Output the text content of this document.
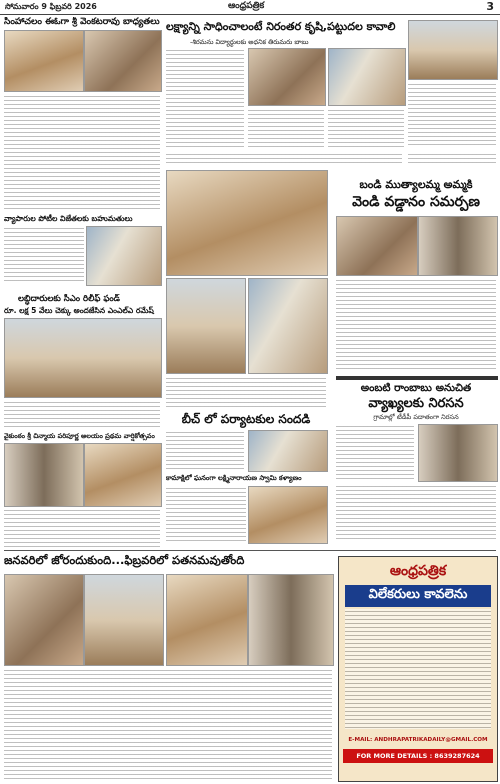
సోమవారం 9 ఫిబ్రవరి 2026	ఆంధ్రపత్రిక	3
సింహాచలం ఈఓగా శ్రీ వెంకటరావు బాధ్యతలు
వ్యాపారుల పోటీల విజేతలకు బహుమతులు
లబ్ధిదారులకు సీఎం రిలీఫ్ ఫండ్
రూ. లక్ష 5 వేలు చెక్కు అందజేసిన ఎంఎల్ఎ రమేష్
వైకుంఠం శ్రీ చిన్మాయ పరిపూర్ణ అలయం ప్రథమ వార్షికోత్సవం
లక్ష్యాన్ని సాధించాలంటే నిరంతర కృషి,పట్టుదల కావాలి
-శిరమను విద్యార్థులకు అధనిక తిరుమరు బాబు
బండి ముత్యాలమ్మ అమ్మకి
వెండి వడ్డానం సమర్పణ
బీచ్ లో పర్యాటకుల సందడి
కామాక్షిలో ఘనంగా లక్ష్మినారాయణ స్వామి కళ్యాణం
అంబటి రాంబాబు అనుచిత
వ్యాఖ్యలకు నిరసన
గ్రామాల్లో టీడీపీ పదాతంగా నిరసన
జనవరిలో జోరందుకుంది...ఫిబ్రవరిలో పతనమవుతోంది
ఆంధ్రపత్రిక
విలేకరులు కావలెను
E-MAIL: ANDHRAPATRIKADAILY@GMAIL.COM
FOR MORE DETAILS : 8639287624
